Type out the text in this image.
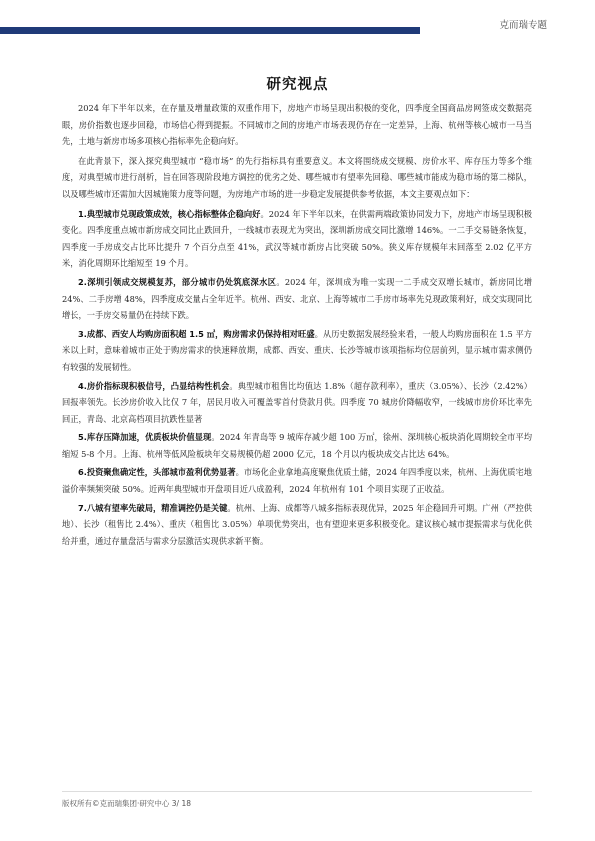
克而瑞专题
研究视点

2024 年下半年以来，在存量及增量政策的双重作用下，房地产市场呈现出积极的变化，四季度全国商品房网签成交数据亮眼，房价指数也逐步回稳，市场信心得到提振。不同城市之间的房地产市场表现仍存在一定差异，上海、杭州等核心城市一马当先，土地与新房市场多项核心指标率先企稳向好。

在此背景下，深入探究典型城市 “稳市场” 的先行指标具有重要意义。本文将围绕成交规模、房价水平、库存压力等多个维度，对典型城市进行剖析，旨在回答现阶段地方调控的优劣之处、哪些城市有望率先回稳、哪些城市能成为稳市场的第二梯队，以及哪些城市还需加大因城施策力度等问题，为房地产市场的进一步稳定发展提供参考依据，本文主要观点如下：

1.典型城市兑现政策成效，核心指标整体企稳向好。2024 年下半年以来，在供需两端政策协同发力下，房地产市场呈现积极变化。四季度重点城市新房成交同比止跌回升，一线城市表现尤为突出，深圳新房成交同比激增 146%。一二手交易链条恢复，四季度一手房成交占比环比提升 7 个百分点至 41%，武汉等城市新房占比突破 50%。狭义库存规模年末回落至 2.02 亿平方米，消化周期环比缩短至 19 个月。

2.深圳引领成交规模复苏，部分城市仍处筑底深水区。2024 年，深圳成为唯一实现一二手成交双增长城市，新房同比增 24%、二手房增 48%，四季度成交量占全年近半。杭州、西安、北京、上海等城市二手房市场率先兑现政策利好，成交实现同比增长，一手房交易量仍在持续下跌。

3.成都、西安人均购房面积超 1.5 ㎡，购房需求仍保持相对旺盛。从历史数据发展经验来看，一般人均购房面积在 1.5 平方米以上时，意味着城市正处于购房需求的快速释放期，成都、西安、重庆、长沙等城市该项指标均位居前列，显示城市需求侧仍有较强的发展韧性。

4.房价指标现积极信号，凸显结构性机会。典型城市租售比均值达 1.8%（超存款利率），重庆（3.05%）、长沙（2.42%）回报率领先。长沙房价收入比仅 7 年，居民月收入可覆盖零首付贷款月供。四季度 70 城房价降幅收窄，一线城市房价环比率先回正，青岛、北京高档项目抗跌性显著

5.库存压降加速，优质板块价值显现。2024 年青岛等 9 城库存减少超 100 万㎡，徐州、深圳核心板块消化周期较全市平均缩短 5-8 个月。上海、杭州等低风险板块年交易规模仍超 2000 亿元，18 个月以内板块成交占比达 64%。

6.投资聚焦确定性，头部城市盈利优势显著。市场化企业拿地高度聚焦优质土储，2024 年四季度以来，杭州、上海优质宅地溢价率频频突破 50%。近两年典型城市开盘项目近八成盈利，2024 年杭州有 101 个项目实现了正收益。

7.八城有望率先破局，精准调控仍是关键。杭州、上海、成都等八城多指标表现优异，2025 年企稳回升可期。广州（严控供地）、长沙（租售比 2.4%）、重庆（租售比 3.05%）单项优势突出，也有望迎来更多积极变化。建议核心城市提振需求与优化供给并重，通过存量盘活与需求分层激活实现供求新平衡。

版权所有©克而瑞集团·研究中心 3/ 18
